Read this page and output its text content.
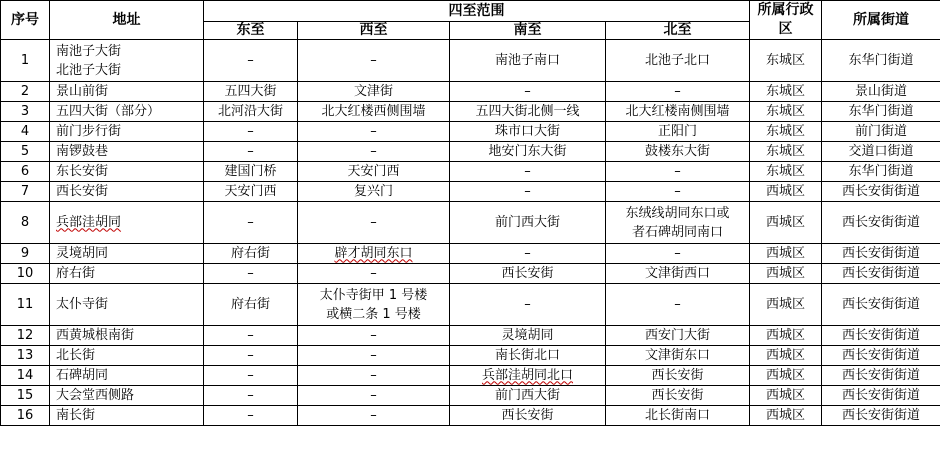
序号	地址	四至范围				所属行政区	所属街道
		东至	西至	南至	北至		
1	南池子大街
北池子大街	–	–	南池子南口	北池子北口	东城区	东华门街道
2	景山前街	五四大街	文津街	–	–	东城区	景山街道
3	五四大街（部分）	北河沿大街	北大红楼西侧围墙	五四大街北侧一线	北大红楼南侧围墙	东城区	东华门街道
4	前门步行街	–	–	珠市口大街	正阳门	东城区	前门街道
5	南锣鼓巷	–	–	地安门东大街	鼓楼东大街	东城区	交道口街道
6	东长安街	建国门桥	天安门西	–	–	东城区	东华门街道
7	西长安街	天安门西	复兴门	–	–	西城区	西长安街街道
8	兵部洼胡同	–	–	前门西大街	东绒线胡同东口或
者石碑胡同南口	西城区	西长安街街道
9	灵境胡同	府右街	辟才胡同东口	–	–	西城区	西长安街街道
10	府右街	–	–	西长安街	文津街西口	西城区	西长安街街道
11	太仆寺街	府右街	太仆寺街甲 1 号楼
或横二条 1 号楼	–	–	西城区	西长安街街道
12	西黄城根南街	–	–	灵境胡同	西安门大街	西城区	西长安街街道
13	北长街	–	–	南长街北口	文津街东口	西城区	西长安街街道
14	石碑胡同	–	–	兵部洼胡同北口	西长安街	西城区	西长安街街道
15	大会堂西侧路	–	–	前门西大街	西长安街	西城区	西长安街街道
16	南长街	–	–	西长安街	北长街南口	西城区	西长安街街道
